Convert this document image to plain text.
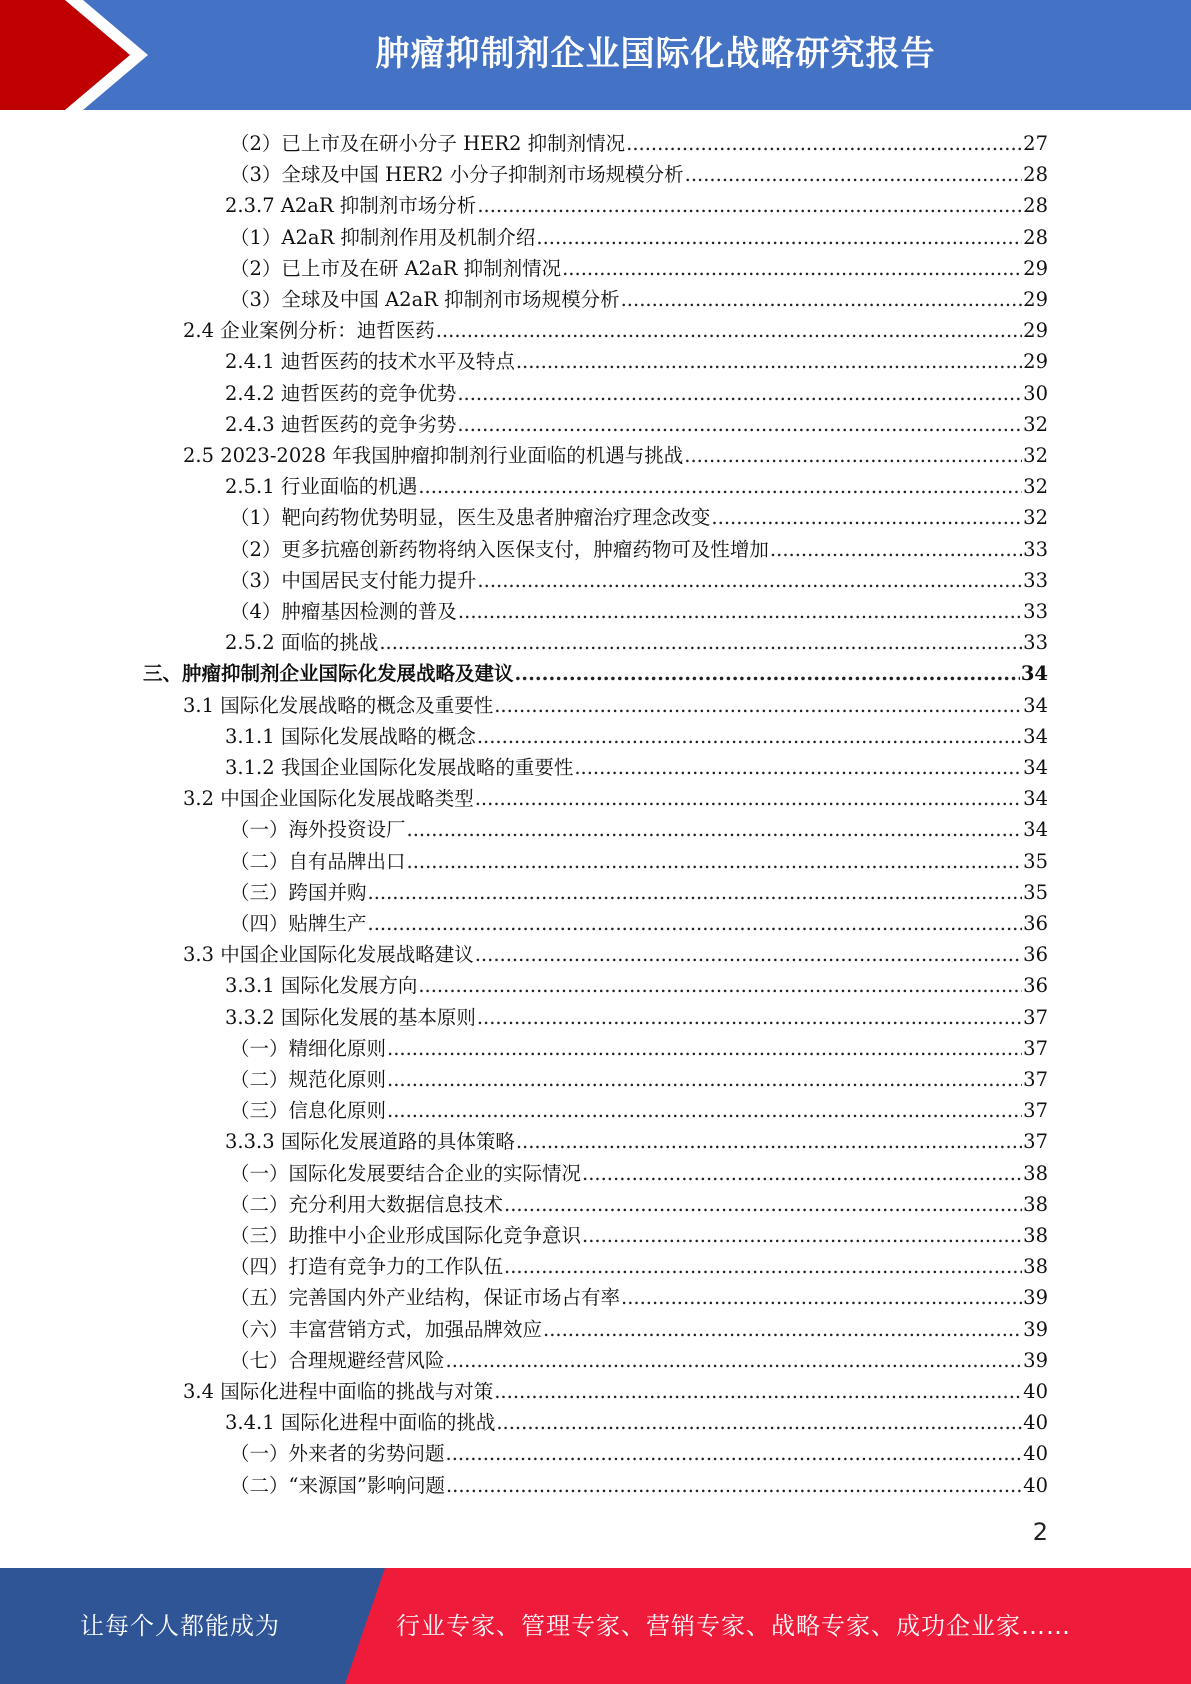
肿瘤抑制剂企业国际化战略研究报告
（2）已上市及在研小分子 HER2 抑制剂情况 .....	27
（3）全球及中国 HER2 小分子抑制剂市场规模分析 .....	28
2.3.7 A2aR 抑制剂市场分析 .....	28
（1）A2aR 抑制剂作用及机制介绍 .....	28
（2）已上市及在研 A2aR 抑制剂情况 .....	29
（3）全球及中国 A2aR 抑制剂市场规模分析 .....	29
2.4 企业案例分析：迪哲医药 .....	29
2.4.1 迪哲医药的技术水平及特点 .....	29
2.4.2 迪哲医药的竞争优势 .....	30
2.4.3 迪哲医药的竞争劣势 .....	32
2.5 2023-2028 年我国肿瘤抑制剂行业面临的机遇与挑战 .....	32
2.5.1 行业面临的机遇 .....	32
（1）靶向药物优势明显，医生及患者肿瘤治疗理念改变 .....	32
（2）更多抗癌创新药物将纳入医保支付，肿瘤药物可及性增加 .....	33
（3）中国居民支付能力提升 .....	33
（4）肿瘤基因检测的普及 .....	33
2.5.2 面临的挑战 .....	33
三、肿瘤抑制剂企业国际化发展战略及建议 .....	34
3.1 国际化发展战略的概念及重要性 .....	34
3.1.1 国际化发展战略的概念 .....	34
3.1.2 我国企业国际化发展战略的重要性 .....	34
3.2 中国企业国际化发展战略类型 .....	34
（一）海外投资设厂 .....	34
（二）自有品牌出口 .....	35
（三）跨国并购 .....	35
（四）贴牌生产 .....	36
3.3 中国企业国际化发展战略建议 .....	36
3.3.1 国际化发展方向 .....	36
3.3.2 国际化发展的基本原则 .....	37
（一）精细化原则 .....	37
（二）规范化原则 .....	37
（三）信息化原则 .....	37
3.3.3 国际化发展道路的具体策略 .....	37
（一）国际化发展要结合企业的实际情况 .....	38
（二）充分利用大数据信息技术 .....	38
（三）助推中小企业形成国际化竞争意识 .....	38
（四）打造有竞争力的工作队伍 .....	38
（五）完善国内外产业结构，保证市场占有率 .....	39
（六）丰富营销方式，加强品牌效应 .....	39
（七）合理规避经营风险 .....	39
3.4 国际化进程中面临的挑战与对策 .....	40
3.4.1 国际化进程中面临的挑战 .....	40
（一）外来者的劣势问题 .....	40
（二）“来源国”影响问题 .....	40
2
让每个人都能成为	行业专家、管理专家、营销专家、战略专家、成功企业家……
